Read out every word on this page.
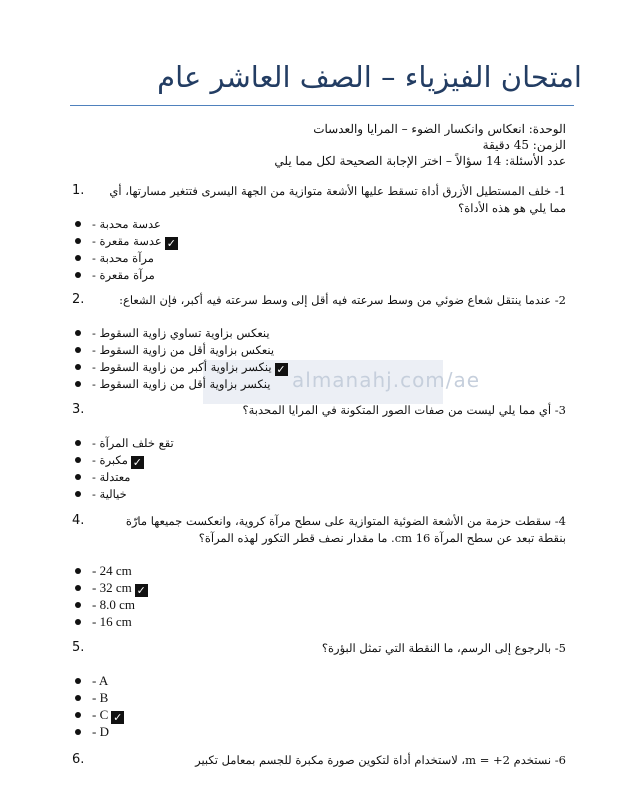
امتحان الفيزياء – الصف العاشر عام
الوحدة: انعكاس وانكسار الضوء – المرايا والعدسات
الزمن: 45 دقيقة
عدد الأسئلة: 14 سؤالاً – اختر الإجابة الصحيحة لكل مما يلي
almanahj.com/ae
1.	1- خلف المستطيل الأزرق أداة تسقط عليها الأشعة متوازية من الجهة اليسرى فتتغير مسارتها، أي مما يلي هو هذه الأداة؟
عدسة محدبة -
✓عدسة مقعرة -
مرآة محدبة -
مرآة مقعرة -
2.	2- عندما ينتقل شعاع ضوئي من وسط سرعته فيه أقل إلى وسط سرعته فيه أكبر، فإن الشعاع:
ينعكس بزاوية تساوي زاوية السقوط -
ينعكس بزاوية أقل من زاوية السقوط -
✓ينكسر بزاوية أكبر من زاوية السقوط -
ينكسر بزاوية أقل من زاوية السقوط -
3.	3- أي مما يلي ليست من صفات الصور المتكونة في المرايا المحدبة؟
تقع خلف المرآة -
✓مكبرة -
معتدلة -
خيالية -
4.	4- سقطت حزمة من الأشعة الضوئية المتوازية على سطح مرآة كروية، وانعكست جميعها مارّة بنقطة تبعد عن سطح المرآة 16 cm. ما مقدار نصف قطر التكور لهذه المرآة؟
- 24 cm
- 32 cm ✓
- 8.0 cm
- 16 cm
5.	5- بالرجوع إلى الرسم، ما النقطة التي تمثل البؤرة؟
- A
- B
- C ✓
- D
6.	6- نستخدم m = +2، لاستخدام أداة لتكوين صورة مكبرة للجسم بمعامل تكبير
